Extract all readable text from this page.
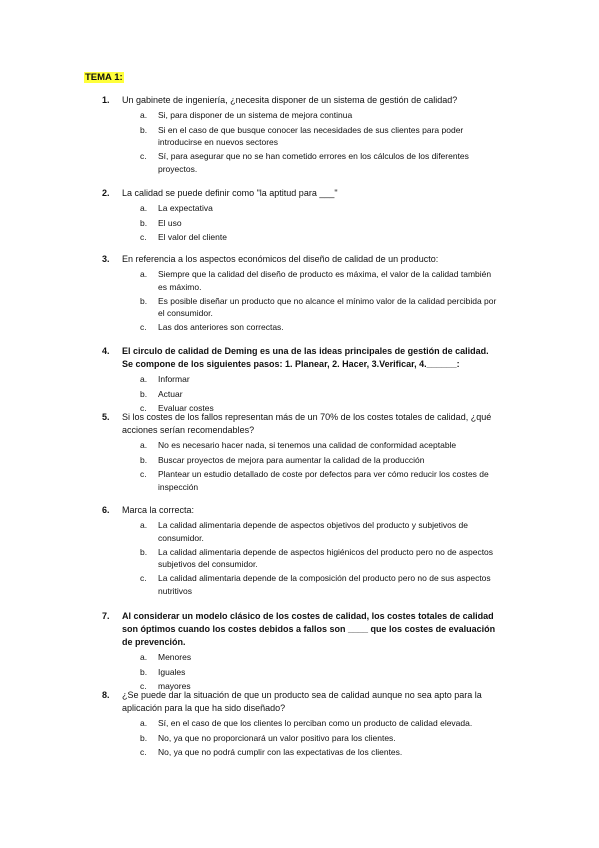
TEMA 1:
1. Un gabinete de ingeniería, ¿necesita disponer de un sistema de gestión de calidad?
a. Si, para disponer de un sistema de mejora continua
b. Si en el caso de que busque conocer las necesidades de sus clientes para poder introducirse en nuevos sectores
c. Sí, para asegurar que no se han cometido errores en los cálculos de los diferentes proyectos.
2. La calidad se puede definir como "la aptitud para ___"
a. La expectativa
b. El uso
c. El valor del cliente
3. En referencia a los aspectos económicos del diseño de calidad de un producto:
a. Siempre que la calidad del diseño de producto es máxima, el valor de la calidad también es máximo.
b. Es posible diseñar un producto que no alcance el mínimo valor de la calidad percibida por el consumidor.
c. Las dos anteriores son correctas.
4. El circulo de calidad de Deming es una de las ideas principales de gestión de calidad. Se compone de los siguientes pasos: 1. Planear, 2. Hacer, 3.Verificar, 4.______:
a. Informar
b. Actuar
c. Evaluar costes
5. Si los costes de los fallos representan más de un 70% de los costes totales de calidad, ¿qué acciones serían recomendables?
a. No es necesario hacer nada, si tenemos una calidad de conformidad aceptable
b. Buscar proyectos de mejora para aumentar la calidad de la producción
c. Plantear un estudio detallado de coste por defectos para ver cómo reducir los costes de inspección
6. Marca la correcta:
a. La calidad alimentaria depende de aspectos objetivos del producto y subjetivos de consumidor.
b. La calidad alimentaria depende de aspectos higiénicos del producto pero no de aspectos subjetivos del consumidor.
c. La calidad alimentaria depende de la composición del producto pero no de sus aspectos nutritivos
7. Al considerar un modelo clásico de los costes de calidad, los costes totales de calidad son óptimos cuando los costes debidos a fallos son ____ que los costes de evaluación de prevención.
a. Menores
b. Iguales
c. mayores
8. ¿Se puede dar la situación de que un producto sea de calidad aunque no sea apto para la aplicación para la que ha sido diseñado?
a. Sí, en el caso de que los clientes lo perciban como un producto de calidad elevada.
b. No, ya que no proporcionará un valor positivo para los clientes.
c. No, ya que no podrá cumplir con las expectativas de los clientes.
